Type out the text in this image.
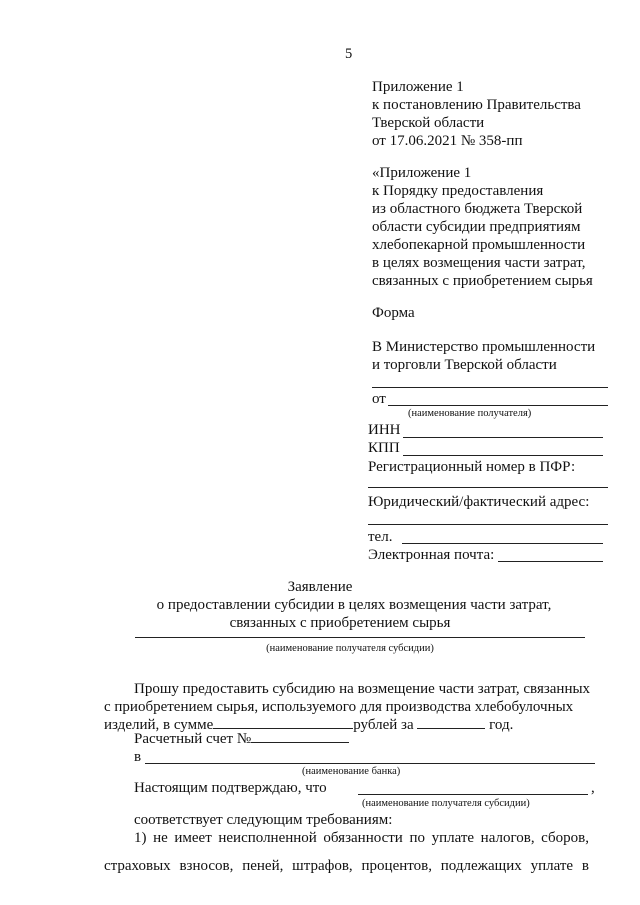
5
Приложение 1
к постановлению Правительства
Тверской области
от 17.06.2021 № 358-пп
«Приложение 1
к Порядку предоставления
из областного бюджета Тверской
области субсидии предприятиям
хлебопекарной промышленности
в целях возмещения части затрат,
связанных с приобретением сырья
Форма
В Министерство промышленности
и торговли Тверской области
от
(наименование получателя)
ИНН
КПП
Регистрационный номер в ПФР:
Юридический/фактический адрес:
тел.
Электронная почта:
Заявление
о предоставлении субсидии в целях возмещения части затрат,
связанных с приобретением сырья
(наименование получателя субсидии)
Прошу предоставить субсидию на возмещение части затрат, связанных
с приобретением сырья, используемого для производства хлебобулочных
изделий, в сумме	рублей за	год.
Расчетный счет №
в
(наименование банка)
Настоящим подтверждаю, что	,
(наименование получателя субсидии)
соответствует следующим требованиям:
1) не имеет неисполненной обязанности по уплате налогов, сборов,
страховых взносов, пеней, штрафов, процентов, подлежащих уплате в
